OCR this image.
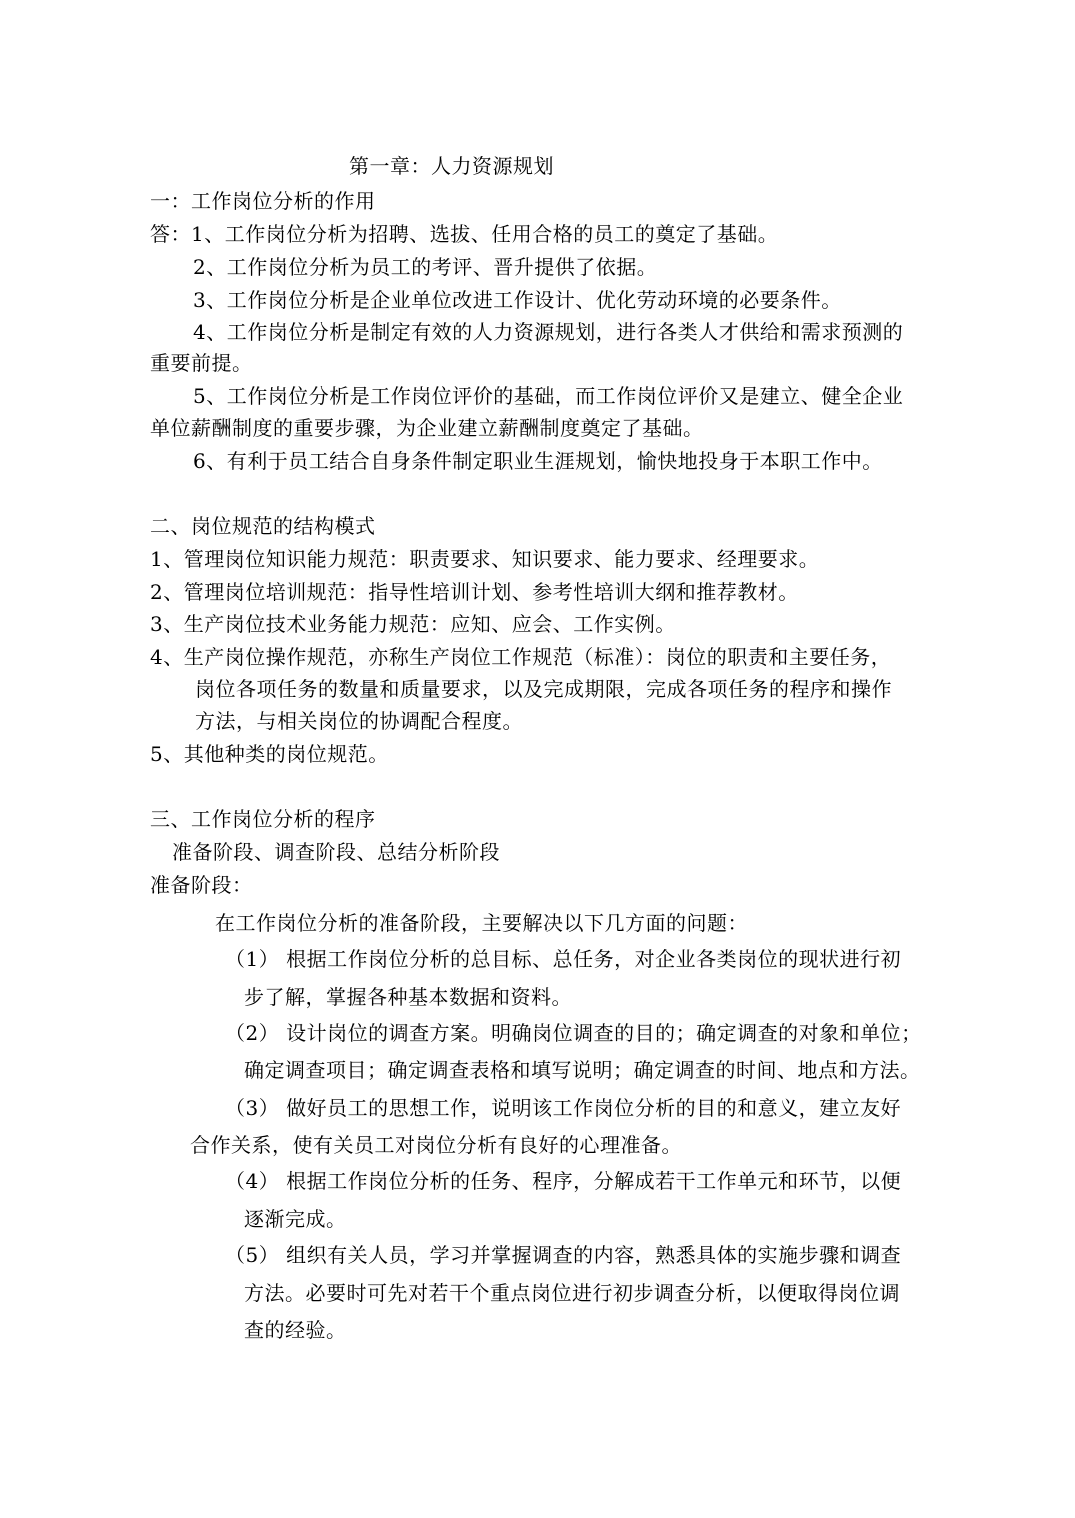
第一章：人力资源规划
一：工作岗位分析的作用
答：1、工作岗位分析为招聘、选拔、任用合格的员工的奠定了基础。
2、工作岗位分析为员工的考评、晋升提供了依据。
3、工作岗位分析是企业单位改进工作设计、优化劳动环境的必要条件。
4、工作岗位分析是制定有效的人力资源规划，进行各类人才供给和需求预测的
重要前提。
5、工作岗位分析是工作岗位评价的基础，而工作岗位评价又是建立、健全企业
单位薪酬制度的重要步骤，为企业建立薪酬制度奠定了基础。
6、有利于员工结合自身条件制定职业生涯规划，愉快地投身于本职工作中。
二、岗位规范的结构模式
1、管理岗位知识能力规范：职责要求、知识要求、能力要求、经理要求。
2、管理岗位培训规范：指导性培训计划、参考性培训大纲和推荐教材。
3、生产岗位技术业务能力规范：应知、应会、工作实例。
4、生产岗位操作规范，亦称生产岗位工作规范（标准）：岗位的职责和主要任务，
岗位各项任务的数量和质量要求，以及完成期限，完成各项任务的程序和操作
方法，与相关岗位的协调配合程度。
5、其他种类的岗位规范。
三、工作岗位分析的程序
准备阶段、调查阶段、总结分析阶段
准备阶段：
在工作岗位分析的准备阶段，主要解决以下几方面的问题：
（1） 根据工作岗位分析的总目标、总任务，对企业各类岗位的现状进行初
步了解，掌握各种基本数据和资料。
（2） 设计岗位的调查方案。明确岗位调查的目的；确定调查的对象和单位；
确定调查项目；确定调查表格和填写说明；确定调查的时间、地点和方法。
（3） 做好员工的思想工作，说明该工作岗位分析的目的和意义，建立友好
合作关系，使有关员工对岗位分析有良好的心理准备。
（4） 根据工作岗位分析的任务、程序，分解成若干工作单元和环节，以便
逐渐完成。
（5） 组织有关人员，学习并掌握调查的内容，熟悉具体的实施步骤和调查
方法。必要时可先对若干个重点岗位进行初步调查分析，以便取得岗位调
查的经验。
